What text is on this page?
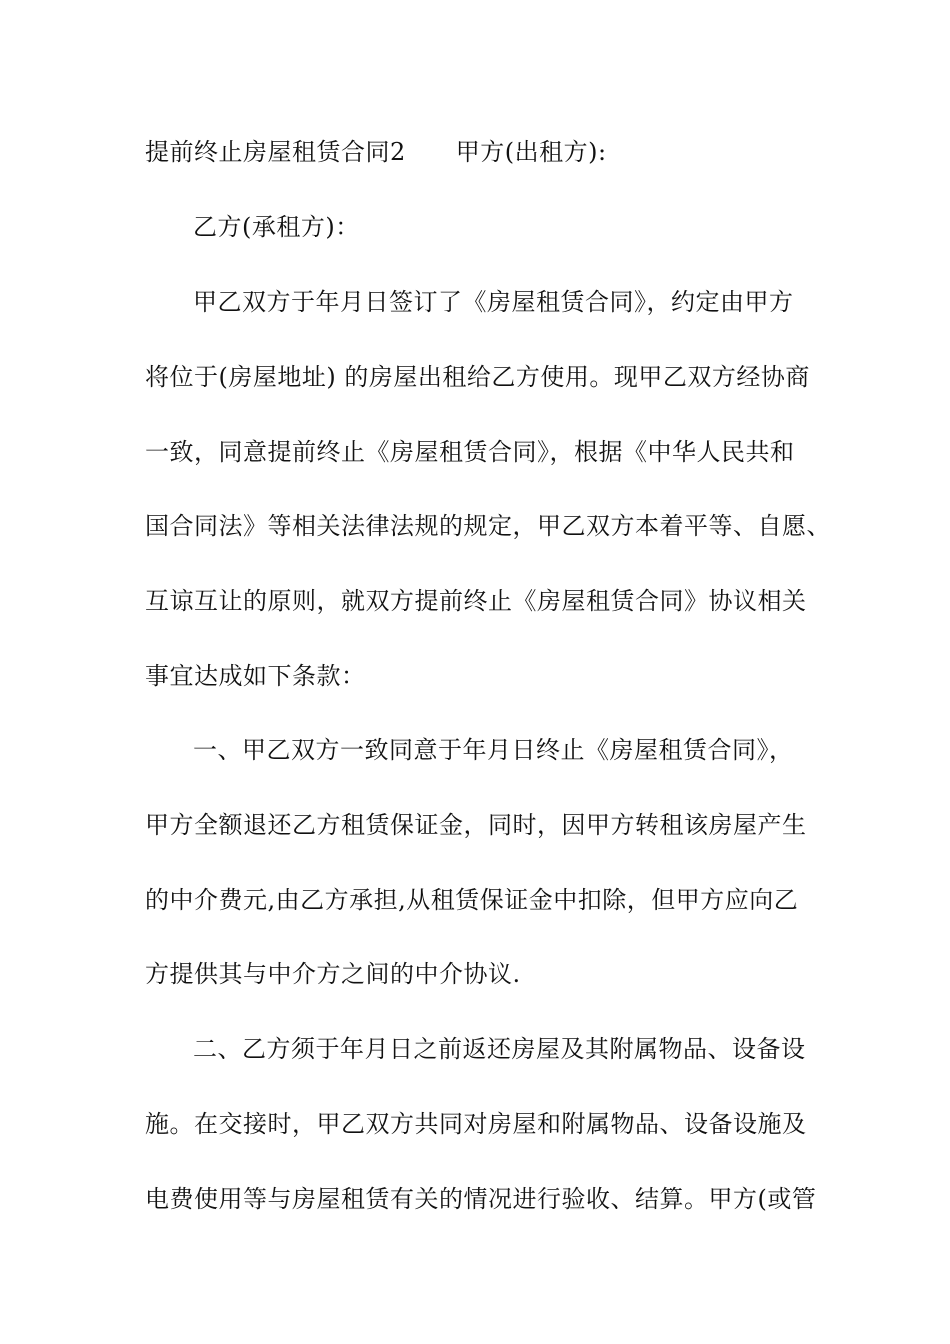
提前终止房屋租赁合同2 甲方(出租方):
乙方(承租方)：
甲乙双方于年月日签订了《房屋租赁合同》，约定由甲方
将位于(房屋地址) 的房屋出租给乙方使用。现甲乙双方经协商
一致，同意提前终止《房屋租赁合同》，根据《中华人民共和
国合同法》等相关法律法规的规定，甲乙双方本着平等、自愿、
互谅互让的原则，就双方提前终止《房屋租赁合同》协议相关
事宜达成如下条款：
一、甲乙双方一致同意于年月日终止《房屋租赁合同》，
甲方全额退还乙方租赁保证金，同时，因甲方转租该房屋产生
的中介费元,由乙方承担,从租赁保证金中扣除，但甲方应向乙
方提供其与中介方之间的中介协议.
二、乙方须于年月日之前返还房屋及其附属物品、设备设
施。在交接时，甲乙双方共同对房屋和附属物品、设备设施及
电费使用等与房屋租赁有关的情况进行验收、结算。甲方(或管
